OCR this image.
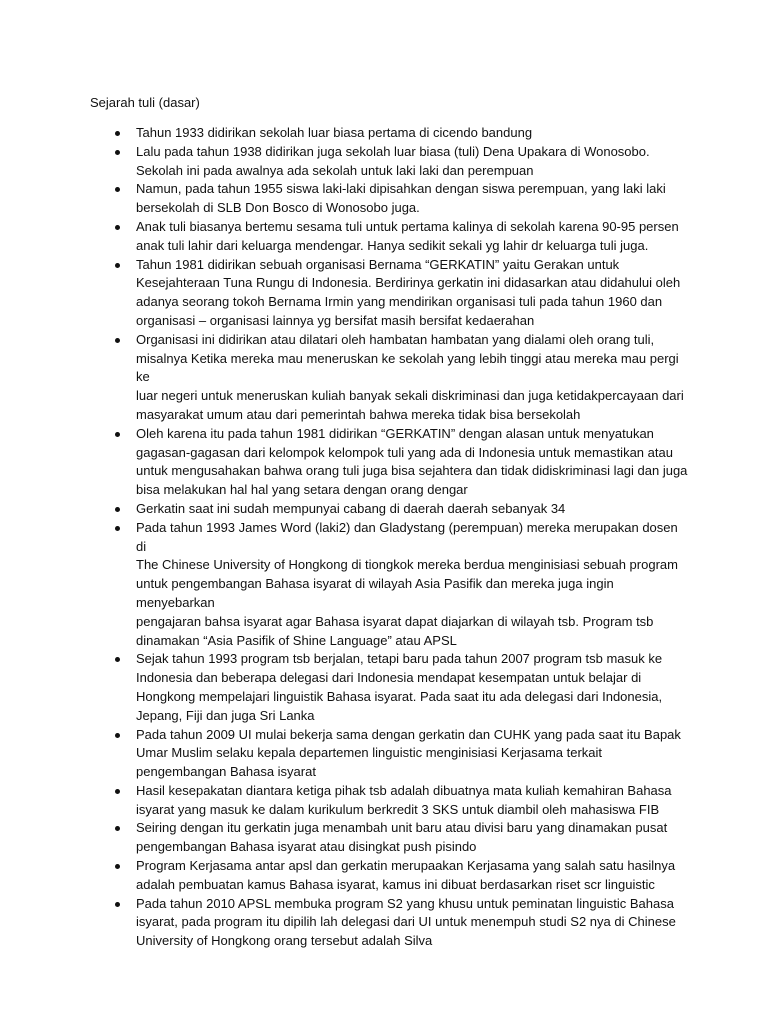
Sejarah tuli (dasar)
Tahun 1933 didirikan sekolah luar biasa pertama di cicendo bandung
Lalu pada tahun 1938 didirikan juga sekolah luar biasa (tuli) Dena Upakara di Wonosobo.
Sekolah ini pada awalnya ada sekolah untuk laki laki dan perempuan
Namun, pada tahun 1955 siswa laki-laki dipisahkan dengan siswa perempuan, yang laki laki
bersekolah di SLB Don Bosco di Wonosobo juga.
Anak tuli biasanya bertemu sesama tuli untuk pertama kalinya di sekolah karena 90-95 persen
anak tuli lahir dari keluarga mendengar. Hanya sedikit sekali yg lahir dr keluarga tuli juga.
Tahun 1981 didirikan sebuah organisasi Bernama “GERKATIN” yaitu Gerakan untuk
Kesejahteraan Tuna Rungu di Indonesia. Berdirinya gerkatin ini didasarkan atau didahului oleh
adanya seorang tokoh Bernama Irmin yang mendirikan organisasi tuli pada tahun 1960 dan
organisasi – organisasi lainnya yg bersifat masih bersifat kedaerahan
Organisasi ini didirikan atau dilatari oleh hambatan hambatan yang dialami oleh orang tuli,
misalnya Ketika mereka mau meneruskan ke sekolah yang lebih tinggi atau mereka mau pergi ke
luar negeri untuk meneruskan kuliah banyak sekali diskriminasi dan juga ketidakpercayaan dari
masyarakat umum atau dari pemerintah bahwa mereka tidak bisa bersekolah
Oleh karena itu pada tahun 1981 didirikan “GERKATIN” dengan alasan untuk menyatukan
gagasan-gagasan dari kelompok kelompok tuli yang ada di Indonesia untuk memastikan atau
untuk mengusahakan bahwa orang tuli juga bisa sejahtera dan tidak didiskriminasi lagi dan juga
bisa melakukan hal hal yang setara dengan orang dengar
Gerkatin saat ini sudah mempunyai cabang di daerah daerah sebanyak 34
Pada tahun 1993 James Word (laki2) dan Gladystang (perempuan) mereka merupakan dosen di
The Chinese University of Hongkong di tiongkok mereka berdua menginisiasi sebuah program
untuk pengembangan Bahasa isyarat di wilayah Asia Pasifik dan mereka juga ingin menyebarkan
pengajaran bahsa isyarat agar Bahasa isyarat dapat diajarkan di wilayah tsb. Program tsb
dinamakan “Asia Pasifik of Shine Language” atau APSL
Sejak tahun 1993 program tsb berjalan, tetapi baru pada tahun 2007 program tsb masuk ke
Indonesia dan beberapa delegasi dari Indonesia mendapat kesempatan untuk belajar di
Hongkong mempelajari linguistik Bahasa isyarat. Pada saat itu ada delegasi dari Indonesia,
Jepang, Fiji dan juga Sri Lanka
Pada tahun 2009 UI mulai bekerja sama dengan gerkatin dan CUHK yang pada saat itu Bapak
Umar Muslim selaku kepala departemen linguistic menginisiasi Kerjasama terkait
pengembangan Bahasa isyarat
Hasil kesepakatan diantara ketiga pihak tsb adalah dibuatnya mata kuliah kemahiran Bahasa
isyarat yang masuk ke dalam kurikulum berkredit 3 SKS untuk diambil oleh mahasiswa FIB
Seiring dengan itu gerkatin juga menambah unit baru atau divisi baru yang dinamakan pusat
pengembangan Bahasa isyarat atau disingkat push pisindo
Program Kerjasama antar apsl dan gerkatin merupaakan Kerjasama yang salah satu hasilnya
adalah pembuatan kamus Bahasa isyarat, kamus ini dibuat berdasarkan riset scr linguistic
Pada tahun 2010 APSL membuka program S2 yang khusu untuk peminatan linguistic Bahasa
isyarat, pada program itu dipilih lah delegasi dari UI untuk menempuh studi S2 nya di Chinese
University of Hongkong orang tersebut adalah Silva
